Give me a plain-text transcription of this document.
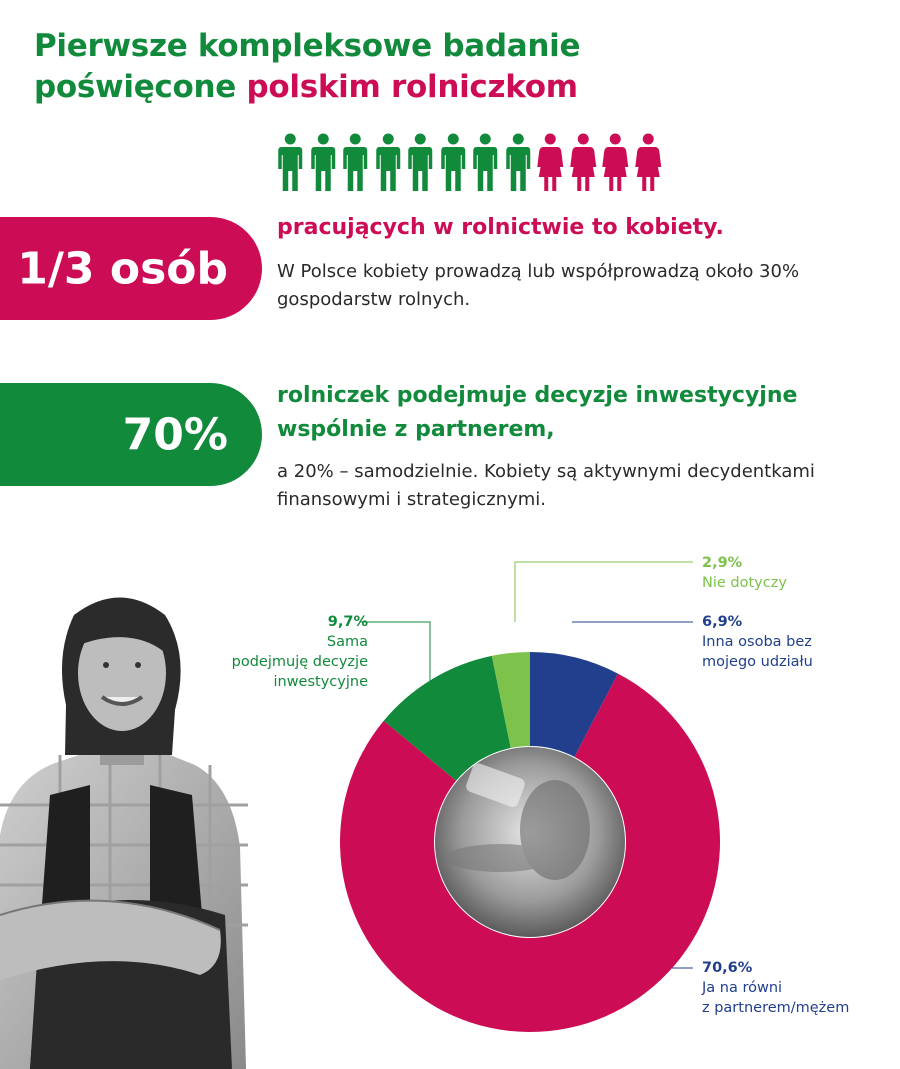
Pierwsze kompleksowe badanie
poświęcone polskim rolniczkom
1/3 osób

pracujących w rolnictwie to kobiety.

W Polsce kobiety prowadzą lub współprowadzą około 30% gospodarstw rolnych.

70%

rolniczek podejmuje decyzje inwestycyjne wspólnie z partnerem,

a 20% – samodzielnie. Kobiety są aktywnymi decydentkami finansowymi i strategicznymi.

2,9%
Nie dotyczy
6,9%
Inna osoba bez
mojego udziału
9,7%
Sama
podejmuję decyzje
inwestycyjne
70,6%
Ja na równi
z partnerem/mężem
